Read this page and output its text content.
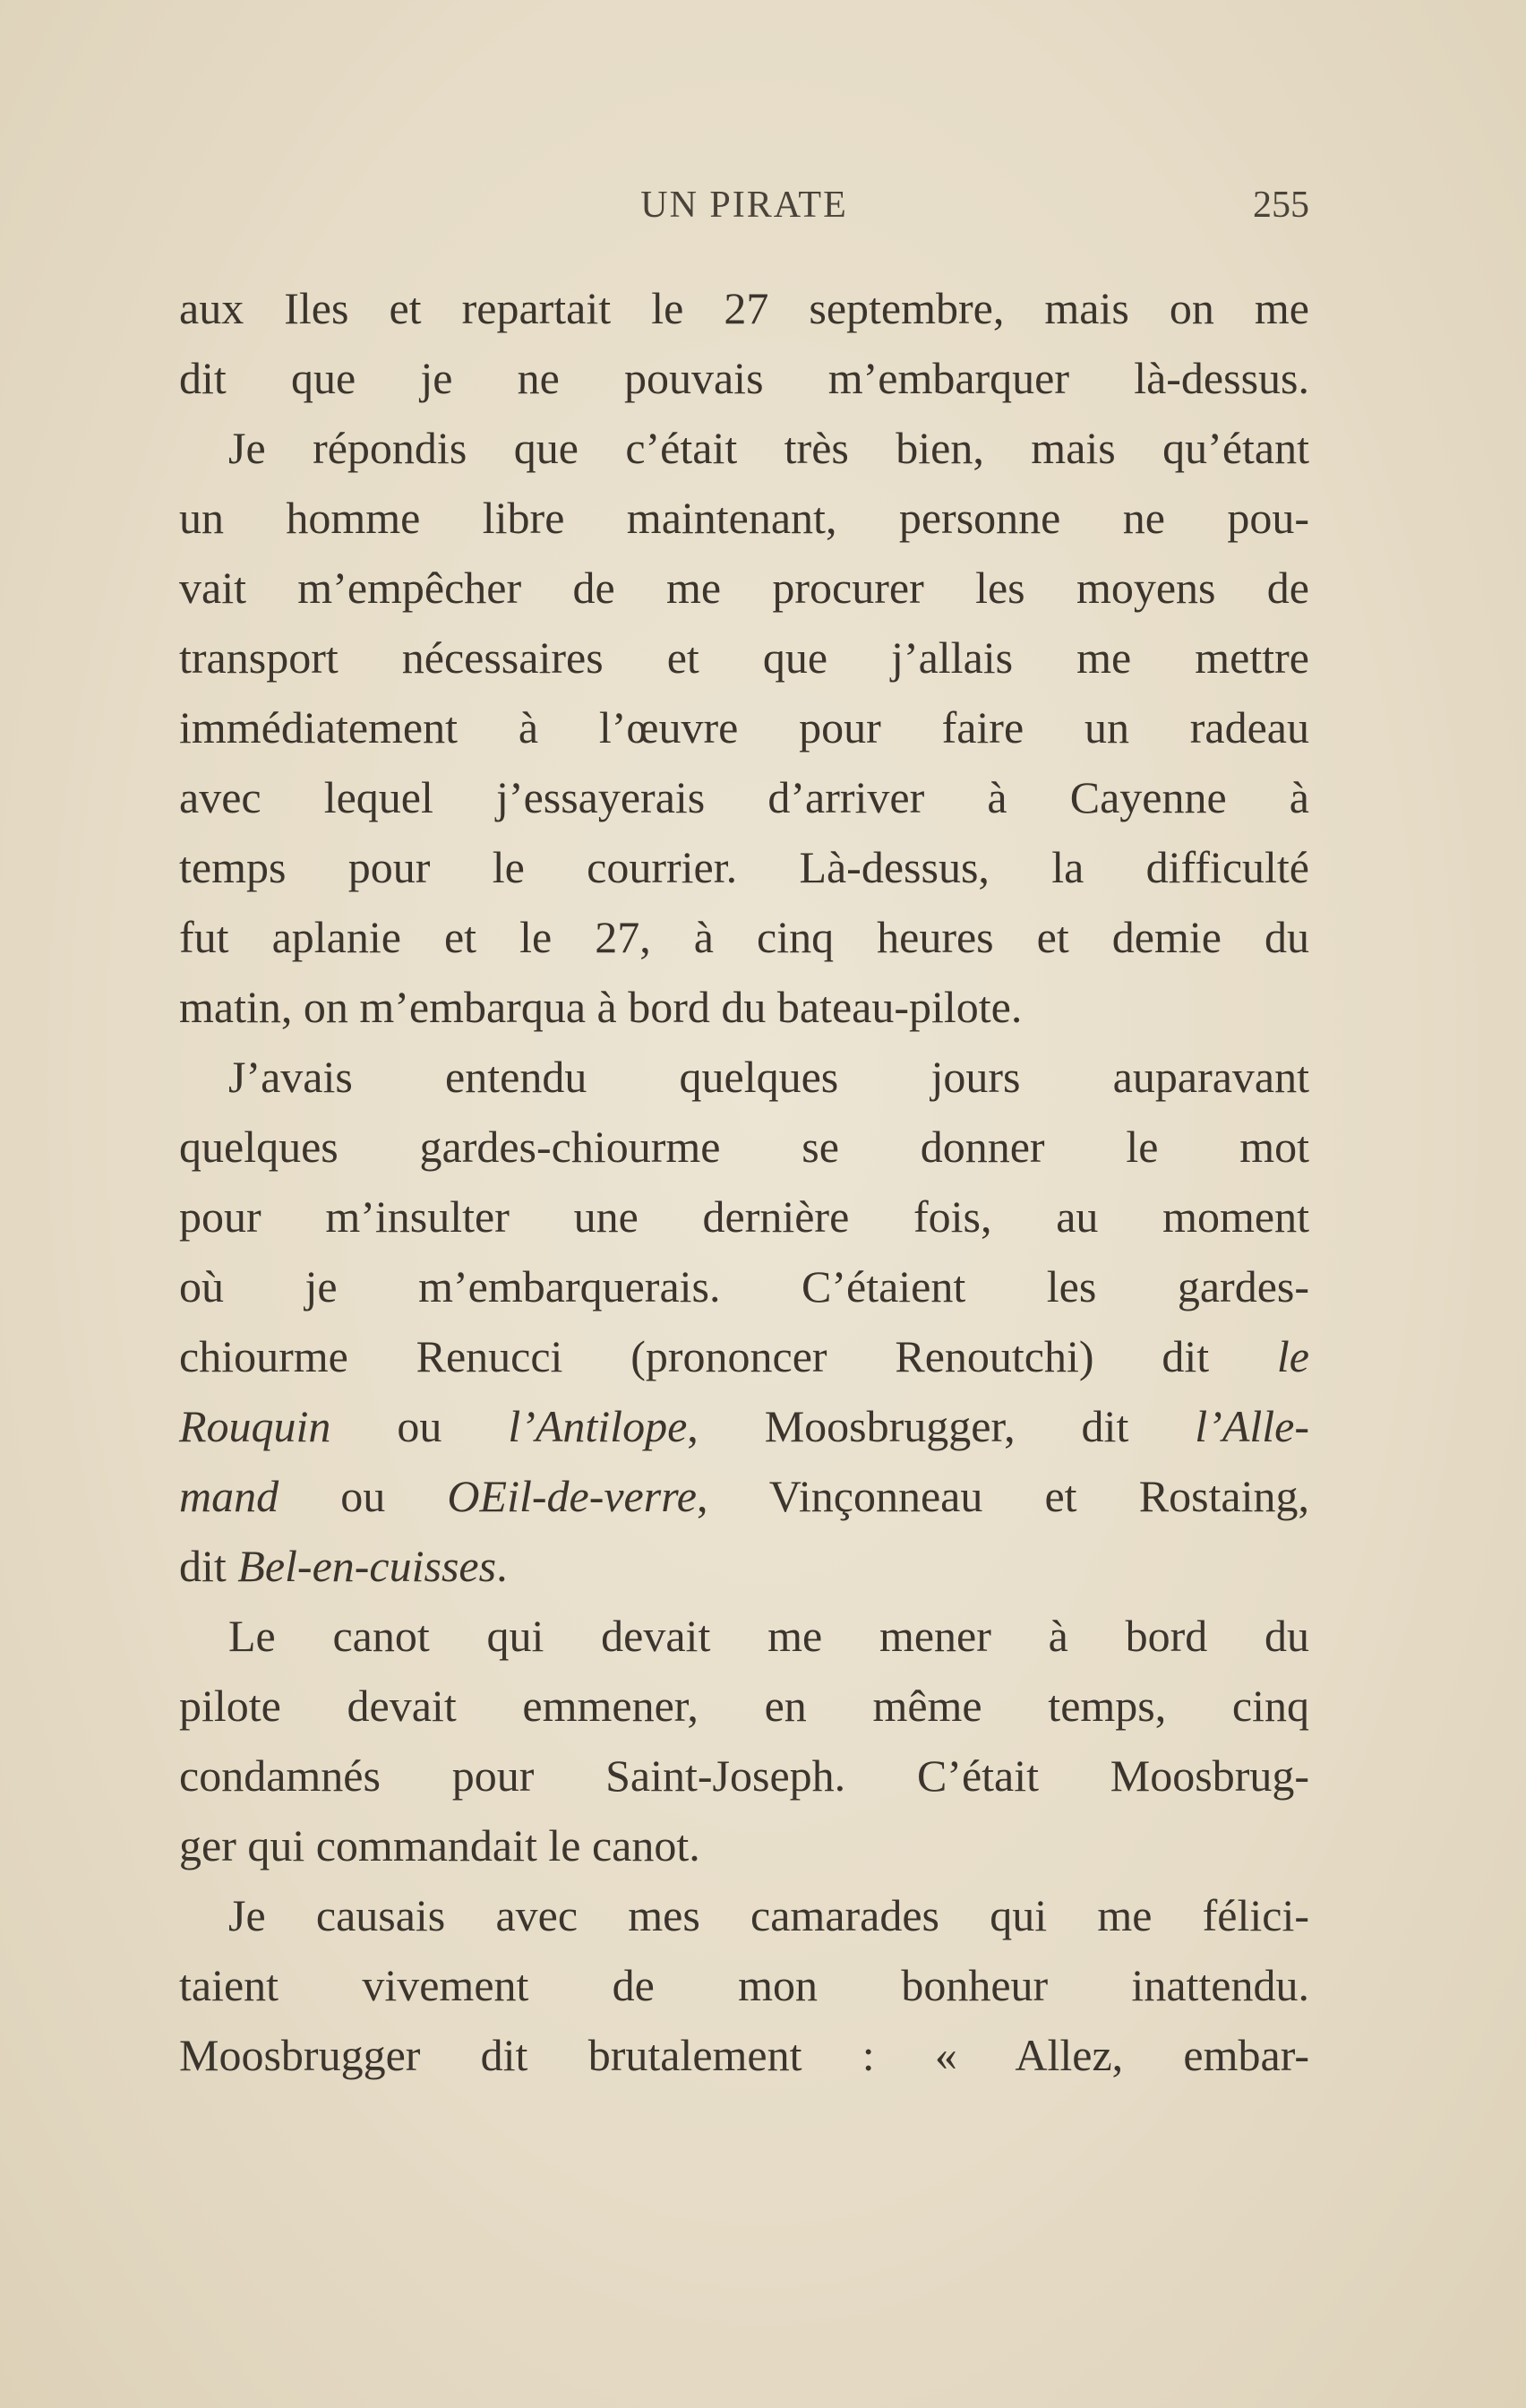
UN PIRATE	255
aux Iles et repartait le 27 septembre, mais on me
dit que je ne pouvais m’embarquer là-dessus.
Je répondis que c’était très bien, mais qu’étant
un homme libre maintenant, personne ne pou-
vait m’empêcher de me procurer les moyens de
transport nécessaires et que j’allais me mettre
immédiatement à l’œuvre pour faire un radeau
avec lequel j’essayerais d’arriver à Cayenne à
temps pour le courrier. Là-dessus, la difficulté
fut aplanie et le 27, à cinq heures et demie du
matin, on m’embarqua à bord du bateau-pilote.
J’avais entendu quelques jours auparavant
quelques gardes-chiourme se donner le mot
pour m’insulter une dernière fois, au moment
où je m’embarquerais. C’étaient les gardes-
chiourme Renucci (prononcer Renoutchi) dit le
Rouquin ou l’Antilope, Moosbrugger, dit l’Alle-
mand ou OEil-de-verre, Vinçonneau et Rostaing,
dit Bel-en-cuisses.
Le canot qui devait me mener à bord du
pilote devait emmener, en même temps, cinq
condamnés pour Saint-Joseph. C’était Moosbrug-
ger qui commandait le canot.
Je causais avec mes camarades qui me félici-
taient vivement de mon bonheur inattendu.
Moosbrugger dit brutalement : « Allez, embar-
